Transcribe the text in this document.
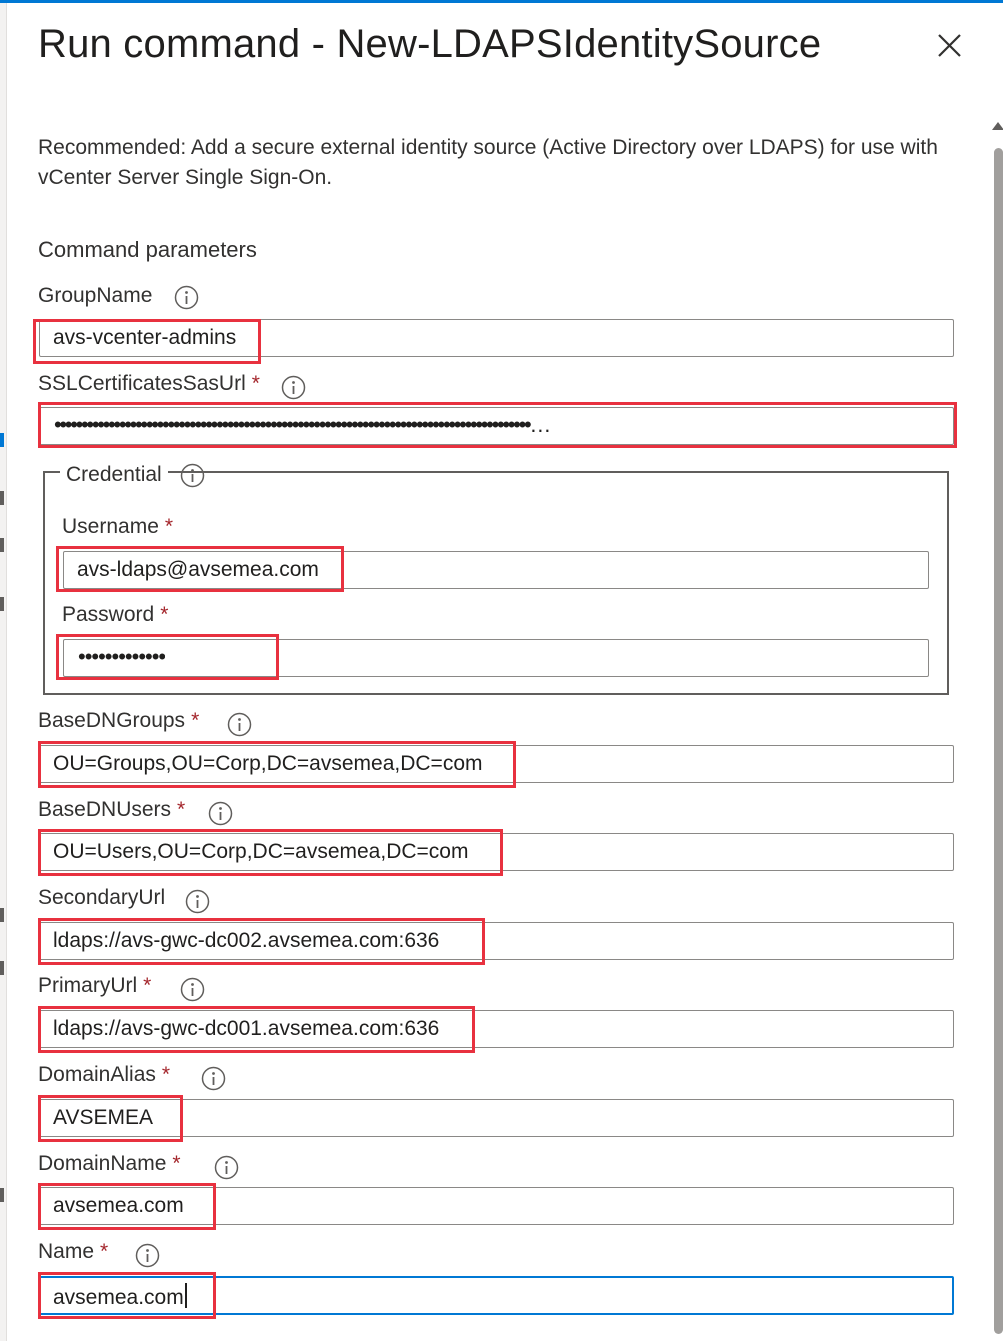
Run command - New-LDAPSIdentitySource
Recommended: Add a secure external identity source (Active Directory over LDAPS) for use with vCenter Server Single Sign-On.
Command parameters
GroupName
avs-vcenter-admins
SSLCertificatesSasUrl *
••••••••••••••••••••••••••••••••••••••••••••••••••••••••••••••••••••••••••••••••••••••••…
Credential
Username *
avs-ldaps@avsemea.com
Password *
•••••••••••••
BaseDNGroups *
OU=Groups,OU=Corp,DC=avsemea,DC=com
BaseDNUsers *
OU=Users,OU=Corp,DC=avsemea,DC=com
SecondaryUrl
ldaps://avs-gwc-dc002.avsemea.com:636
PrimaryUrl *
ldaps://avs-gwc-dc001.avsemea.com:636
DomainAlias *
AVSEMEA
DomainName *
avsemea.com
Name *
avsemea.com
